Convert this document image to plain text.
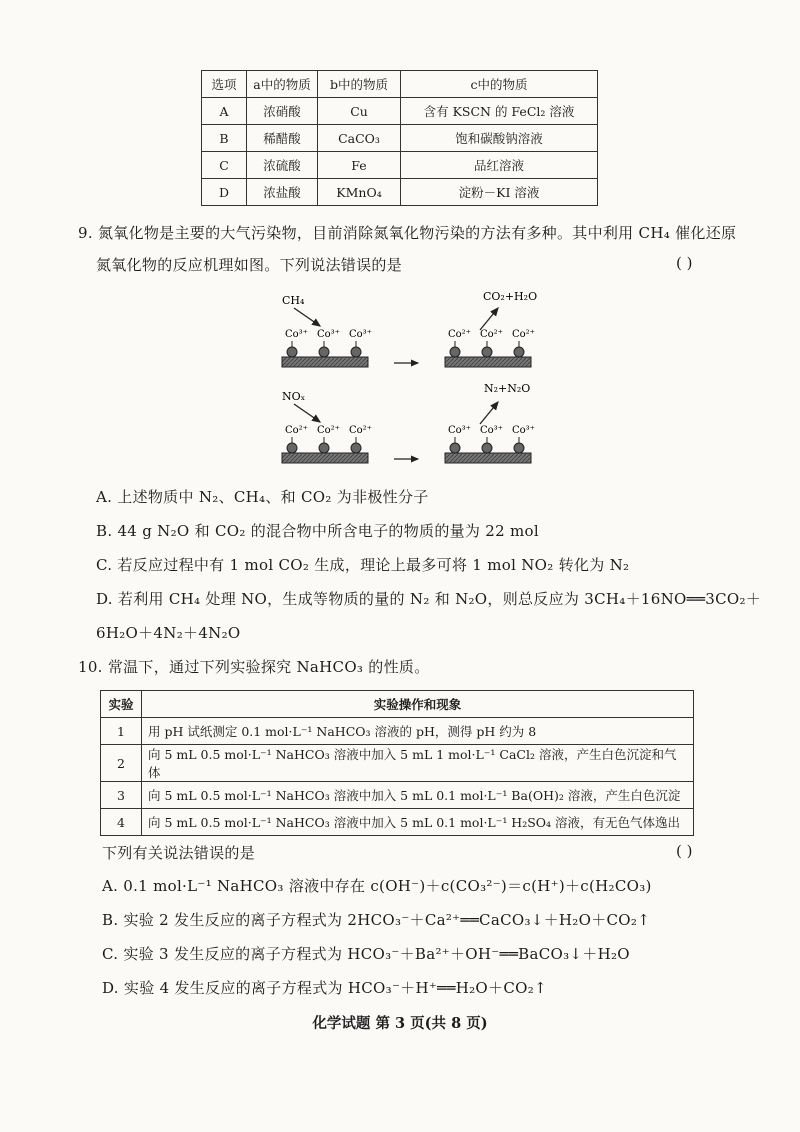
选项	a中的物质	b中的物质	c中的物质
A	浓硝酸	Cu	含有 KSCN 的 FeCl₂ 溶液
B	稀醋酸	CaCO₃	饱和碳酸钠溶液
C	浓硫酸	Fe	品红溶液
D	浓盐酸	KMnO₄	淀粉－KI 溶液
9. 氮氧化物是主要的大气污染物，目前消除氮氧化物污染的方法有多种。其中利用 CH₄ 催化还原
氮氧化物的反应机理如图。下列说法错误的是	( )
CH₄
Co³⁺ Co³⁺ Co³⁺
CO₂+H₂O
Co²⁺ Co²⁺ Co²⁺
NOₓ
Co²⁺ Co²⁺ Co²⁺
N₂+N₂O
Co³⁺ Co³⁺ Co³⁺
A. 上述物质中 N₂、CH₄、和 CO₂ 为非极性分子
B. 44 g N₂O 和 CO₂ 的混合物中所含电子的物质的量为 22 mol
C. 若反应过程中有 1 mol CO₂ 生成，理论上最多可将 1 mol NO₂ 转化为 N₂
D. 若利用 CH₄ 处理 NO，生成等物质的量的 N₂ 和 N₂O，则总反应为 3CH₄＋16NO══3CO₂＋
6H₂O＋4N₂＋4N₂O
10. 常温下，通过下列实验探究 NaHCO₃ 的性质。
实验	实验操作和现象
1	用 pH 试纸测定 0.1 mol·L⁻¹ NaHCO₃ 溶液的 pH，测得 pH 约为 8
2	向 5 mL 0.5 mol·L⁻¹ NaHCO₃ 溶液中加入 5 mL 1 mol·L⁻¹ CaCl₂ 溶液，产生白色沉淀和气体
3	向 5 mL 0.5 mol·L⁻¹ NaHCO₃ 溶液中加入 5 mL 0.1 mol·L⁻¹ Ba(OH)₂ 溶液，产生白色沉淀
4	向 5 mL 0.5 mol·L⁻¹ NaHCO₃ 溶液中加入 5 mL 0.1 mol·L⁻¹ H₂SO₄ 溶液，有无色气体逸出
下列有关说法错误的是	( )
A. 0.1 mol·L⁻¹ NaHCO₃ 溶液中存在 c(OH⁻)＋c(CO₃²⁻)＝c(H⁺)＋c(H₂CO₃)
B. 实验 2 发生反应的离子方程式为 2HCO₃⁻＋Ca²⁺══CaCO₃↓＋H₂O＋CO₂↑
C. 实验 3 发生反应的离子方程式为 HCO₃⁻＋Ba²⁺＋OH⁻══BaCO₃↓＋H₂O
D. 实验 4 发生反应的离子方程式为 HCO₃⁻＋H⁺══H₂O＋CO₂↑
化学试题 第 3 页(共 8 页)
